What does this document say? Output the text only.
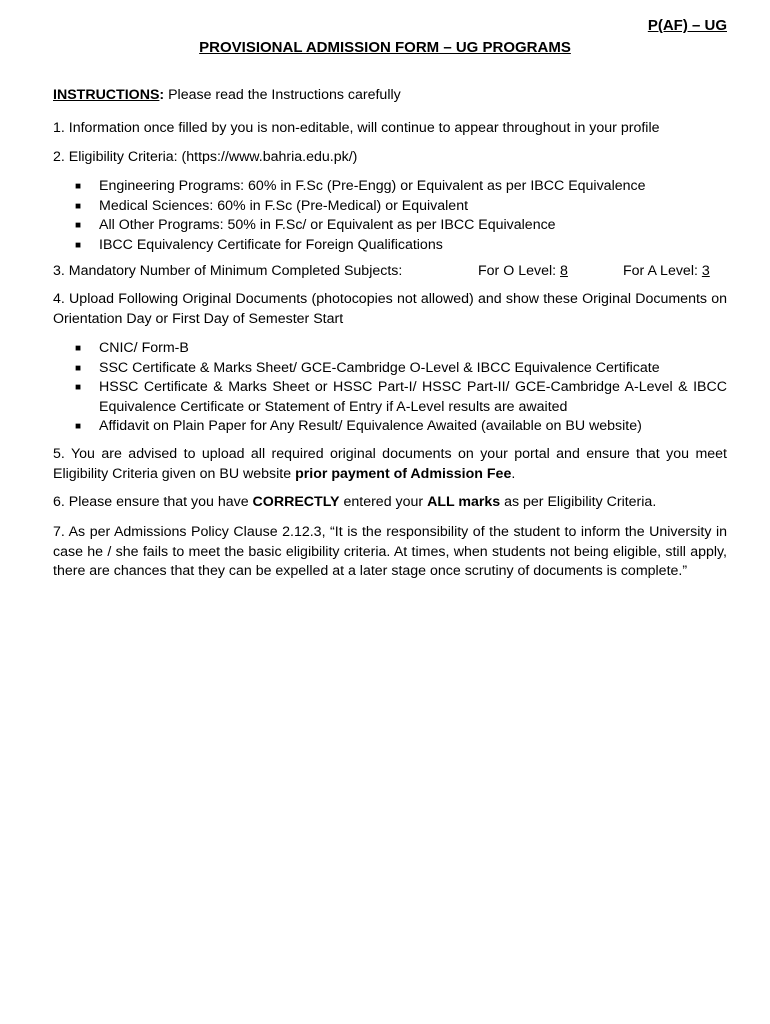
P(AF) – UG
PROVISIONAL ADMISSION FORM – UG PROGRAMS
INSTRUCTIONS: Please read the Instructions carefully
1. Information once filled by you is non-editable, will continue to appear throughout in your profile
2. Eligibility Criteria: (https://www.bahria.edu.pk/)
■ Engineering Programs: 60% in F.Sc (Pre-Engg) or Equivalent as per IBCC Equivalence
■ Medical Sciences: 60% in F.Sc (Pre-Medical) or Equivalent
■ All Other Programs: 50% in F.Sc/ or Equivalent as per IBCC Equivalence
■ IBCC Equivalency Certificate for Foreign Qualifications
3. Mandatory Number of Minimum Completed Subjects:	For O Level: 8	For A Level: 3
4. Upload Following Original Documents (photocopies not allowed) and show these Original Documents on Orientation Day or First Day of Semester Start
■ CNIC/ Form-B
■ SSC Certificate & Marks Sheet/ GCE-Cambridge O-Level & IBCC Equivalence Certificate
■ HSSC Certificate & Marks Sheet or HSSC Part-I/ HSSC Part-II/ GCE-Cambridge A-Level & IBCC Equivalence Certificate or Statement of Entry if A-Level results are awaited
■ Affidavit on Plain Paper for Any Result/ Equivalence Awaited (available on BU website)
5. You are advised to upload all required original documents on your portal and ensure that you meet Eligibility Criteria given on BU website prior payment of Admission Fee.
6. Please ensure that you have CORRECTLY entered your ALL marks as per Eligibility Criteria.
7. As per Admissions Policy Clause 2.12.3, “It is the responsibility of the student to inform the University in case he / she fails to meet the basic eligibility criteria. At times, when students not being eligible, still apply, there are chances that they can be expelled at a later stage once scrutiny of documents is complete.”
